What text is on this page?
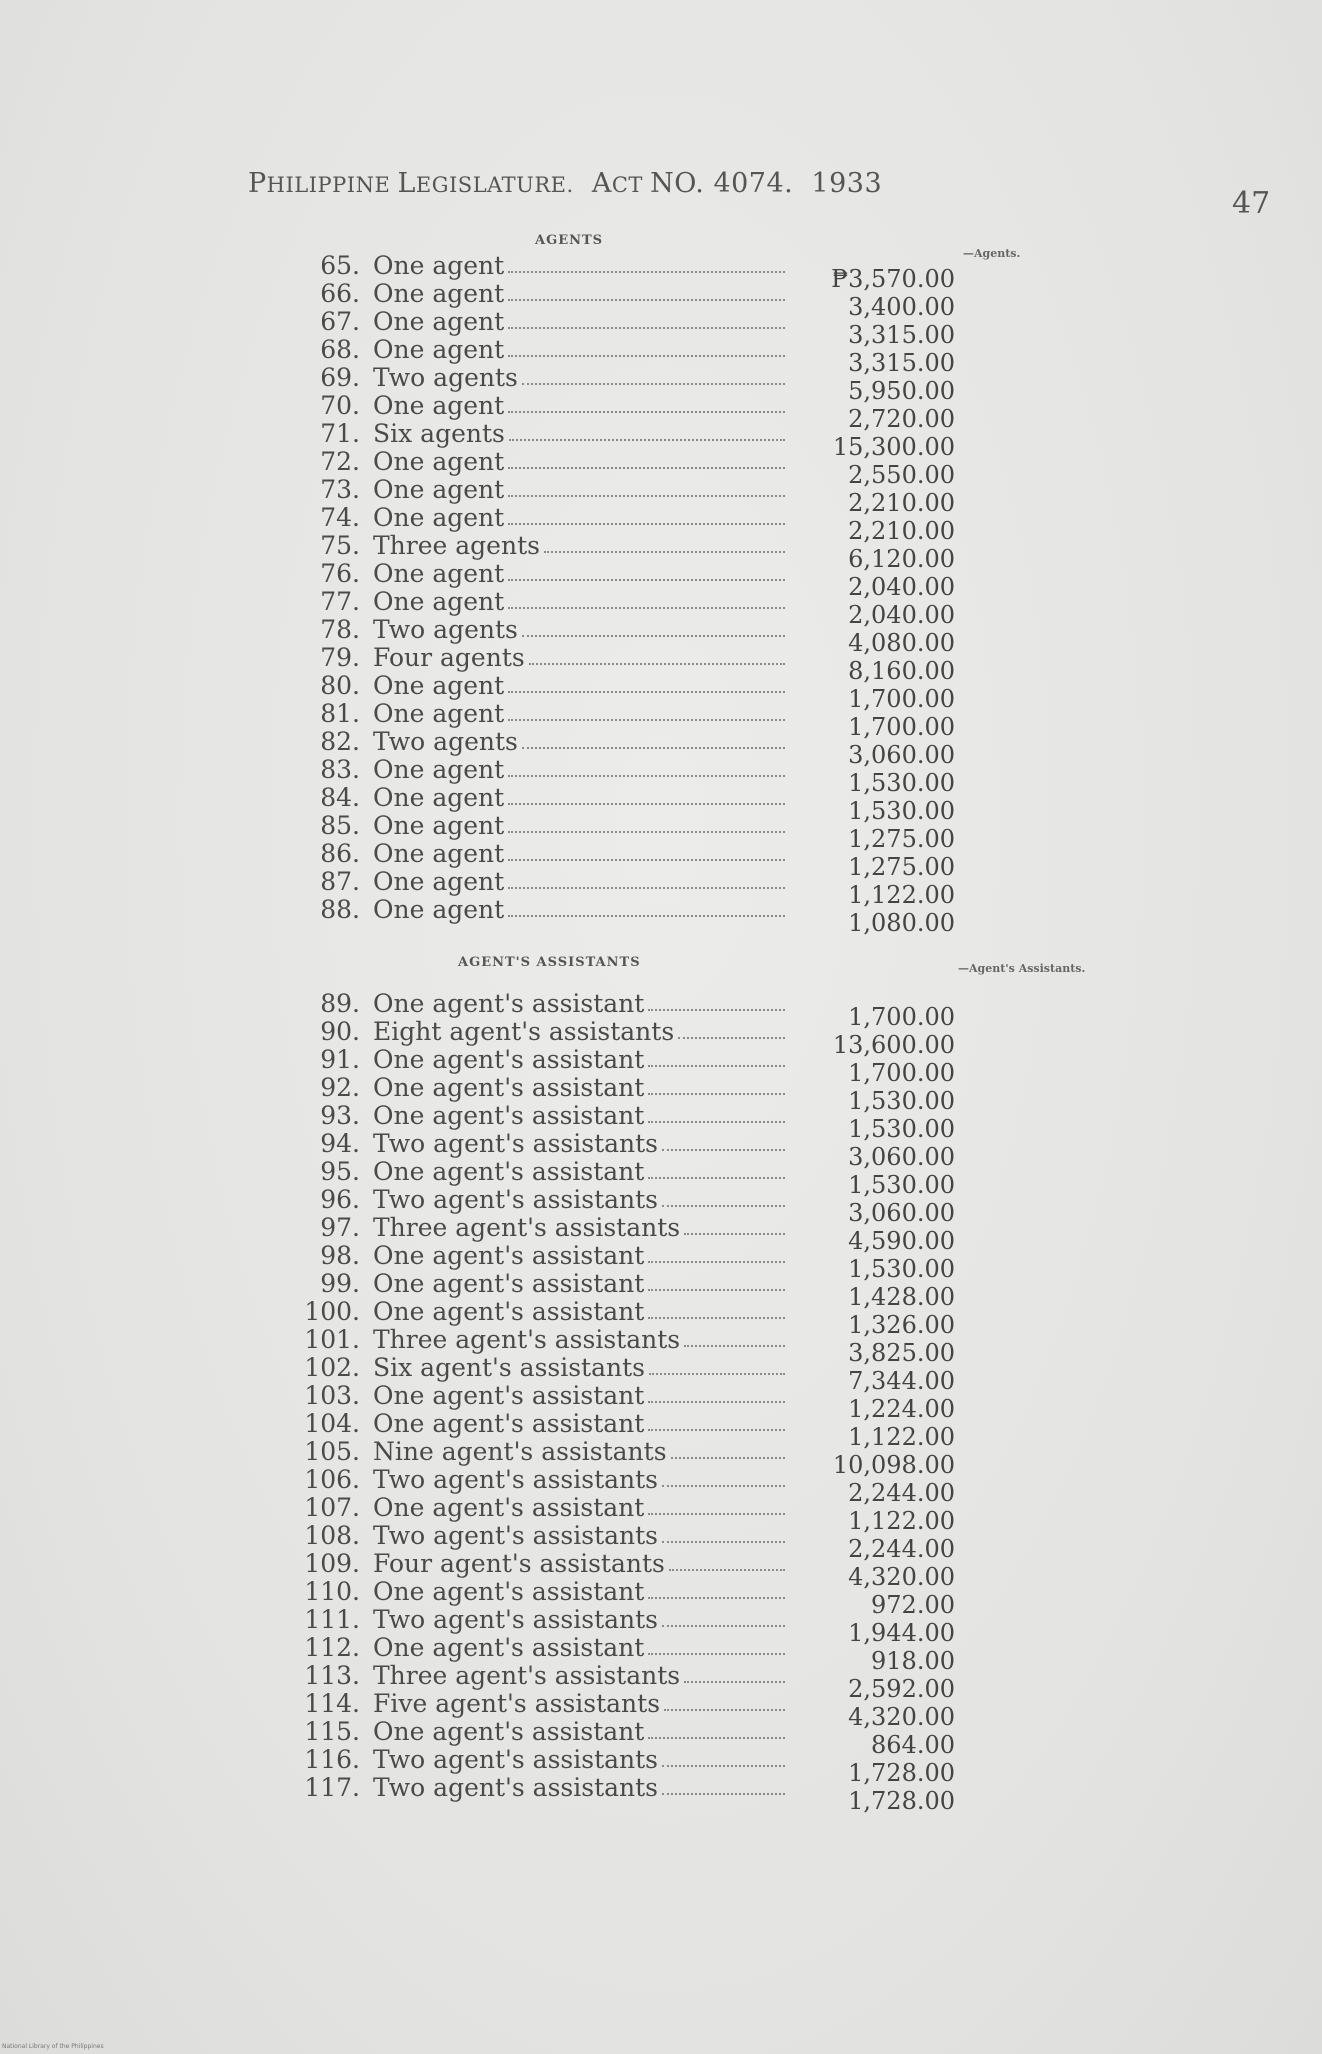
PHILIPPINE LEGISLATURE. ACT NO. 4074. 1933
47
AGENTS
—Agents.
65. One agent	₱3,570.00
66. One agent	3,400.00
67. One agent	3,315.00
68. One agent	3,315.00
69. Two agents	5,950.00
70. One agent	2,720.00
71. Six agents	15,300.00
72. One agent	2,550.00
73. One agent	2,210.00
74. One agent	2,210.00
75. Three agents	6,120.00
76. One agent	2,040.00
77. One agent	2,040.00
78. Two agents	4,080.00
79. Four agents	8,160.00
80. One agent	1,700.00
81. One agent	1,700.00
82. Two agents	3,060.00
83. One agent	1,530.00
84. One agent	1,530.00
85. One agent	1,275.00
86. One agent	1,275.00
87. One agent	1,122.00
88. One agent	1,080.00
AGENT'S ASSISTANTS	—Agent's Assistants.
89. One agent's assistant	1,700.00
90. Eight agent's assistants	13,600.00
91. One agent's assistant	1,700.00
92. One agent's assistant	1,530.00
93. One agent's assistant	1,530.00
94. Two agent's assistants	3,060.00
95. One agent's assistant	1,530.00
96. Two agent's assistants	3,060.00
97. Three agent's assistants	4,590.00
98. One agent's assistant	1,530.00
99. One agent's assistant	1,428.00
100. One agent's assistant	1,326.00
101. Three agent's assistants	3,825.00
102. Six agent's assistants	7,344.00
103. One agent's assistant	1,224.00
104. One agent's assistant	1,122.00
105. Nine agent's assistants	10,098.00
106. Two agent's assistants	2,244.00
107. One agent's assistant	1,122.00
108. Two agent's assistants	2,244.00
109. Four agent's assistants	4,320.00
110. One agent's assistant	972.00
111. Two agent's assistants	1,944.00
112. One agent's assistant	918.00
113. Three agent's assistants	2,592.00
114. Five agent's assistants	4,320.00
115. One agent's assistant	864.00
116. Two agent's assistants	1,728.00
117. Two agent's assistants	1,728.00
National Library of the Philippines
